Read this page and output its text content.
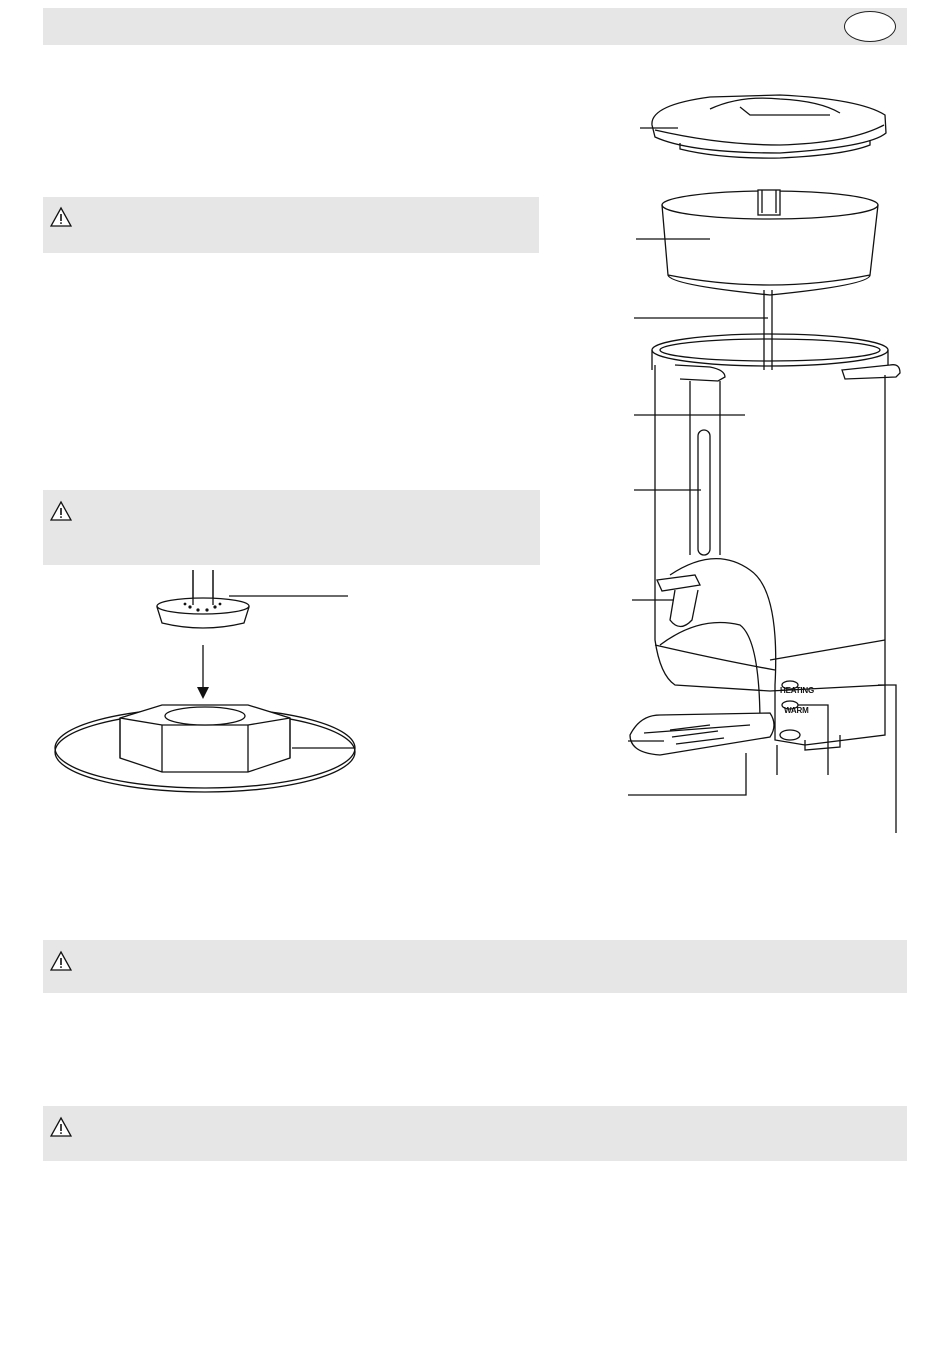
HEATING
WARM
